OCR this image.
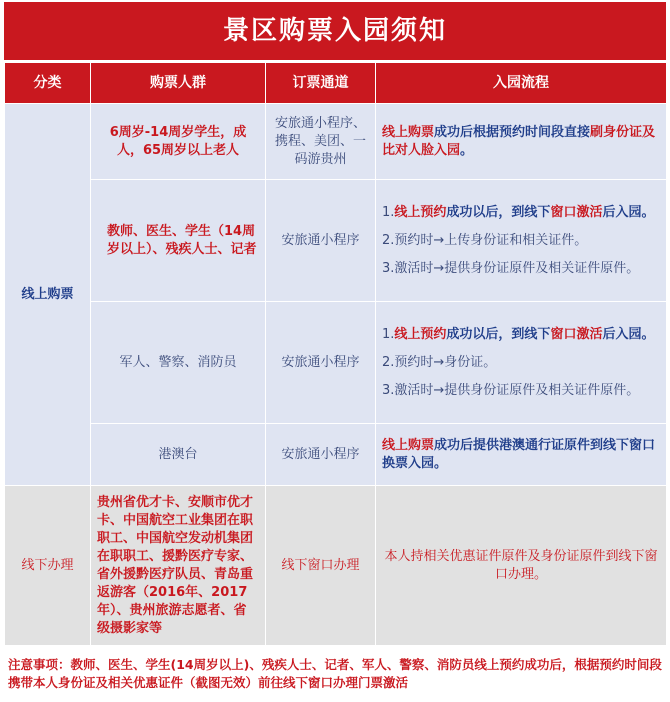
景区购票入园须知
分类	购票人群	订票通道	入园流程
线上购票	6周岁-14周岁学生，成人，65周岁以上老人	安旅通小程序、携程、美团、一码游贵州	线上购票成功后根据预约时间段直接刷身份证及比对人脸入园。
	教师、医生、学生（14周岁以上）、残疾人士、记者	安旅通小程序	1.线上预约成功以后，到线下窗口激活后入园。
2.预约时→上传身份证和相关证件。
3.激活时→提供身份证原件及相关证件原件。

	军人、警察、消防员	安旅通小程序	1.线上预约成功以后，到线下窗口激活后入园。
2.预约时→身份证。
3.激活时→提供身份证原件及相关证件原件。

	港澳台	安旅通小程序	线上购票成功后提供港澳通行证原件到线下窗口换票入园。
线下办理	贵州省优才卡、安顺市优才卡、中国航空工业集团在职职工、中国航空发动机集团在职职工、援黔医疗专家、省外援黔医疗队员、青岛重返游客（2016年、2017年）、贵州旅游志愿者、省级摄影家等	线下窗口办理	本人持相关优惠证件原件及身份证原件到线下窗口办理。
注意事项：教师、医生、学生(14周岁以上)、残疾人士、记者、军人、警察、消防员线上预约成功后，根据预约时间段携带本人身份证及相关优惠证件（截图无效）前往线下窗口办理门票激活
